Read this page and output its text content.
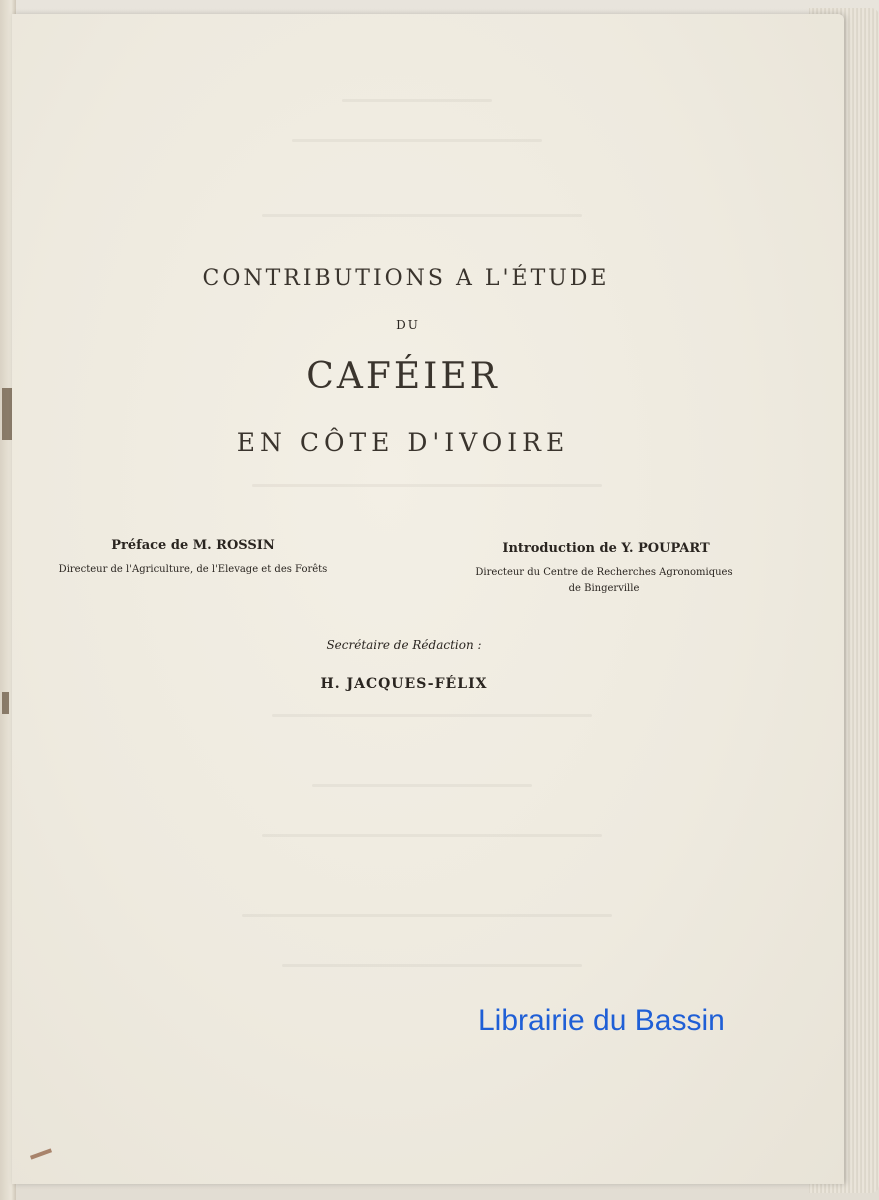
CONTRIBUTIONS A L'ÉTUDE
DU
CAFÉIER
EN CÔTE D'IVOIRE
Préface de M. ROSSIN
Directeur de l'Agriculture, de l'Elevage et des Forêts
Introduction de Y. POUPART
Directeur du Centre de Recherches Agronomiques
de Bingerville
Secrétaire de Rédaction :
H. JACQUES-FÉLIX
Librairie du Bassin
